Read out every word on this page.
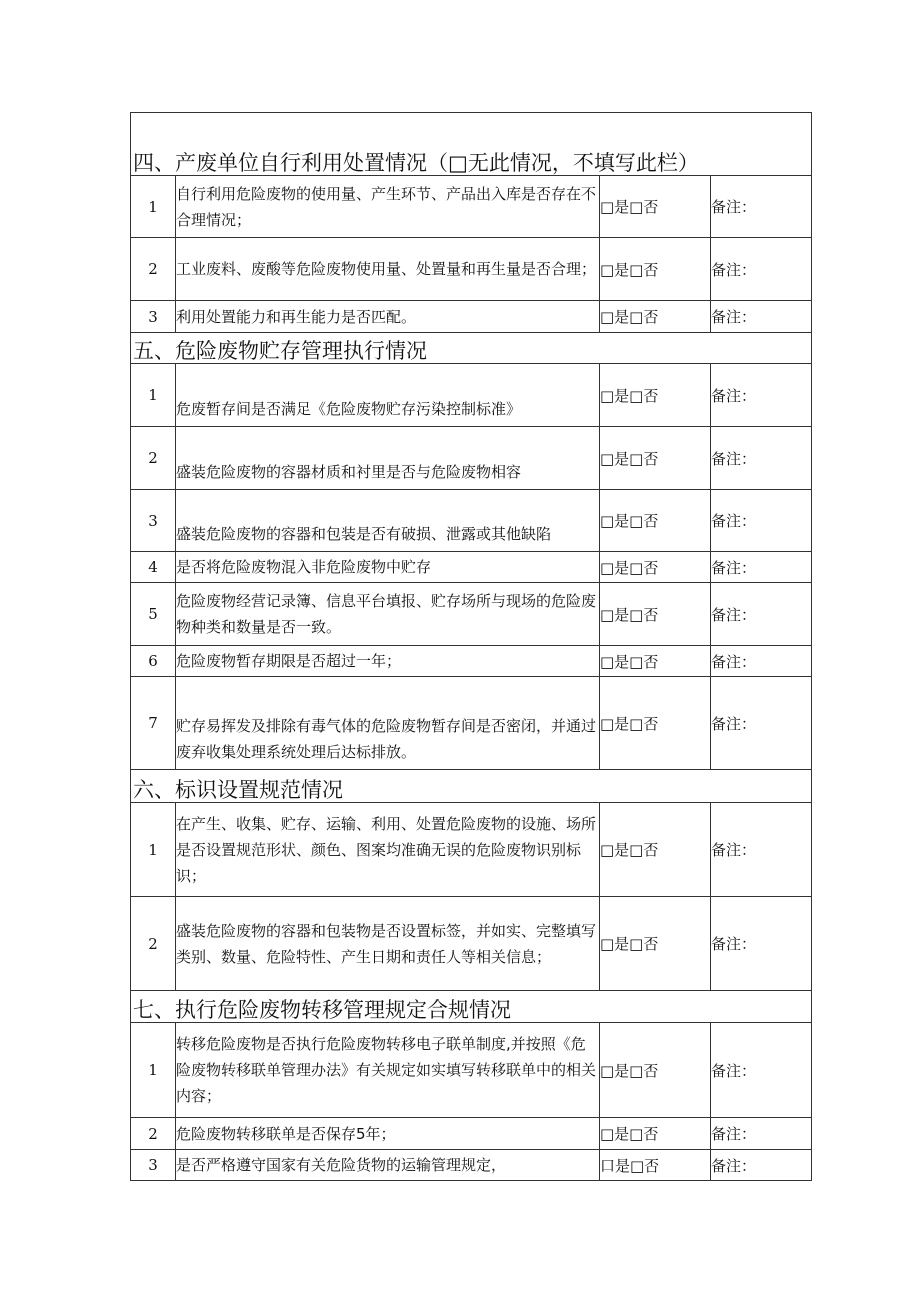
四、产废单位自行利用处置情况（□无此情况，不填写此栏）			
1	自行利用危险废物的使用量、产生环节、产品出入库是否存在不合理情况；	□是□否	备注：
2	工业废料、废酸等危险废物使用量、处置量和再生量是否合理；	□是□否	备注：
3	利用处置能力和再生能力是否匹配。	□是□否	备注：
五、危险废物贮存管理执行情况			
1	危废暂存间是否满足《危险废物贮存污染控制标准》	□是□否	备注：
2	盛装危险废物的容器材质和衬里是否与危险废物相容	□是□否	备注：
3	盛装危险废物的容器和包装是否有破损、泄露或其他缺陷	□是□否	备注：
4	是否将危险废物混入非危险废物中贮存	□是□否	备注：
5	危险废物经营记录簿、信息平台填报、贮存场所与现场的危险废物种类和数量是否一致。	□是□否	备注：
6	危险废物暂存期限是否超过一年；	□是□否	备注：
7	贮存易挥发及排除有毒气体的危险废物暂存间是否密闭，并通过废弃收集处理系统处理后达标排放。	□是□否	备注：
六、标识设置规范情况			
1	在产生、收集、贮存、运输、利用、处置危险废物的设施、场所是否设置规范形状、颜色、图案均准确无误的危险废物识别标识；	□是□否	备注：
2	盛装危险废物的容器和包装物是否设置标签，并如实、完整填写类别、数量、危险特性、产生日期和责任人等相关信息；	□是□否	备注：
七、执行危险废物转移管理规定合规情况			
1	转移危险废物是否执行危险废物转移电子联单制度,并按照《危险废物转移联单管理办法》有关规定如实填写转移联单中的相关内容；	□是□否	备注：
2	危险废物转移联单是否保存5年；	□是□否	备注：
3	是否严格遵守国家有关危险货物的运输管理规定，	口是□否	备注：
